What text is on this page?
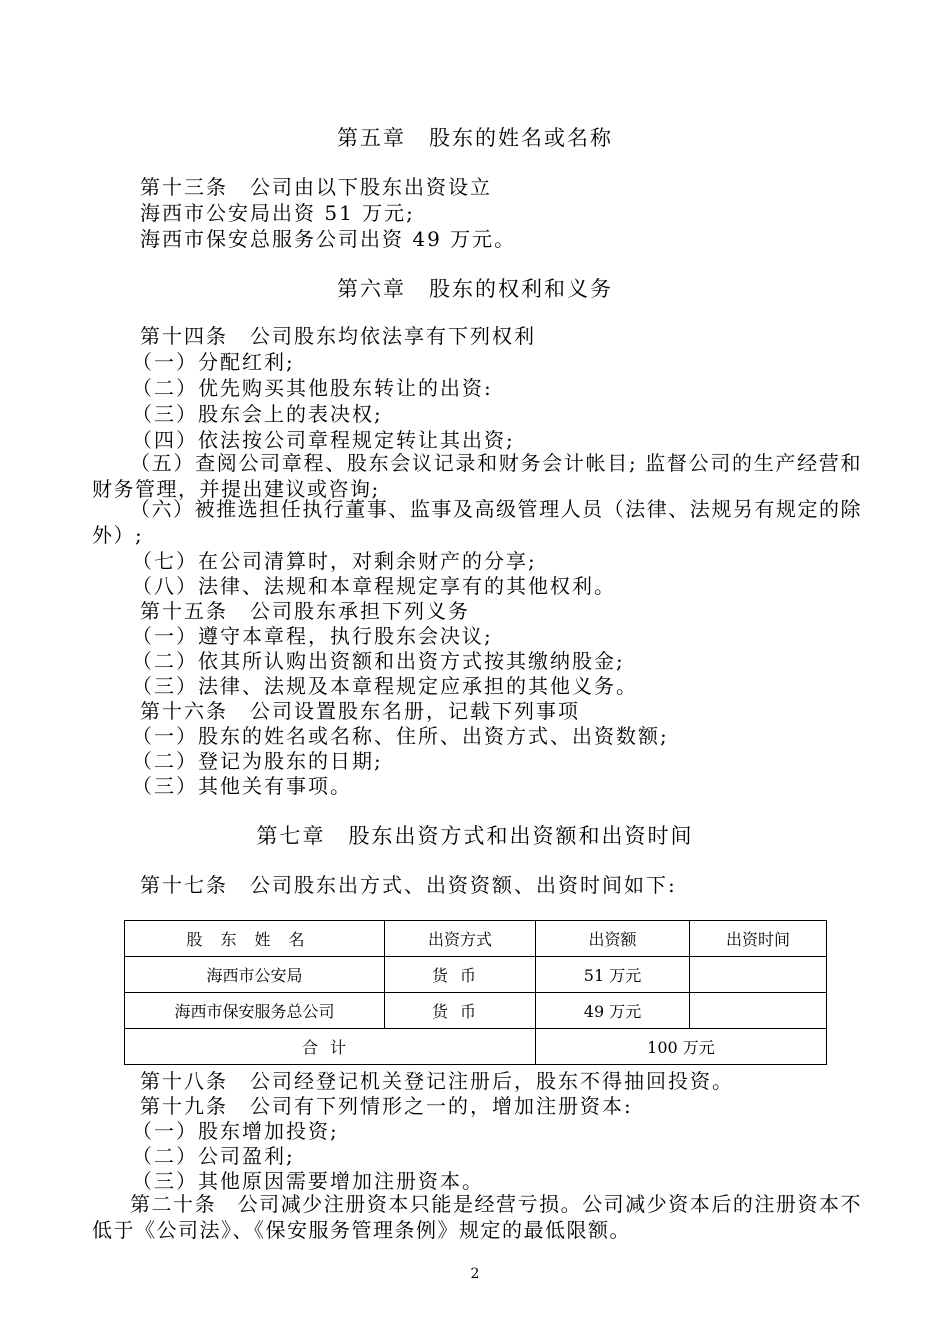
第五章　股东的姓名或名称
第十三条　公司由以下股东出资设立
海西市公安局出资 51 万元;
海西市保安总服务公司出资 49 万元。
第六章　股东的权利和义务
第十四条　公司股东均依法享有下列权利
（一）分配红利;
（二）优先购买其他股东转让的出资:
（三）股东会上的表决权;
（四）依法按公司章程规定转让其出资;
（五）查阅公司章程、股东会议记录和财务会计帐目; 监督公司的生产经营和财务管理，并提出建议或咨询;
（六）被推选担任执行董事、监事及高级管理人员（法律、法规另有规定的除外）;
（七）在公司清算时，对剩余财产的分享;
（八）法律、法规和本章程规定享有的其他权利。
第十五条　公司股东承担下列义务
（一）遵守本章程，执行股东会决议;
（二）依其所认购出资额和出资方式按其缴纳股金;
（三）法律、法规及本章程规定应承担的其他义务。
第十六条　公司设置股东名册，记载下列事项
（一）股东的姓名或名称、住所、出资方式、出资数额;
（二）登记为股东的日期;
（三）其他关有事项。
第七章　股东出资方式和出资额和出资时间
第十七条　公司股东出方式、出资资额、出资时间如下:
股东姓名	出资方式	出资额	出资时间
海西市公安局	货币	51 万元	
海西市保安服务总公司	货币	49 万元	
合计		100 万元	
第十八条　公司经登记机关登记注册后，股东不得抽回投资。
第十九条　公司有下列情形之一的，增加注册资本:
（一）股东增加投资;
（二）公司盈利;
（三）其他原因需要增加注册资本。
第二十条　公司减少注册资本只能是经营亏损。公司减少资本后的注册资本不低于《公司法》、《保安服务管理条例》规定的最低限额。
2
